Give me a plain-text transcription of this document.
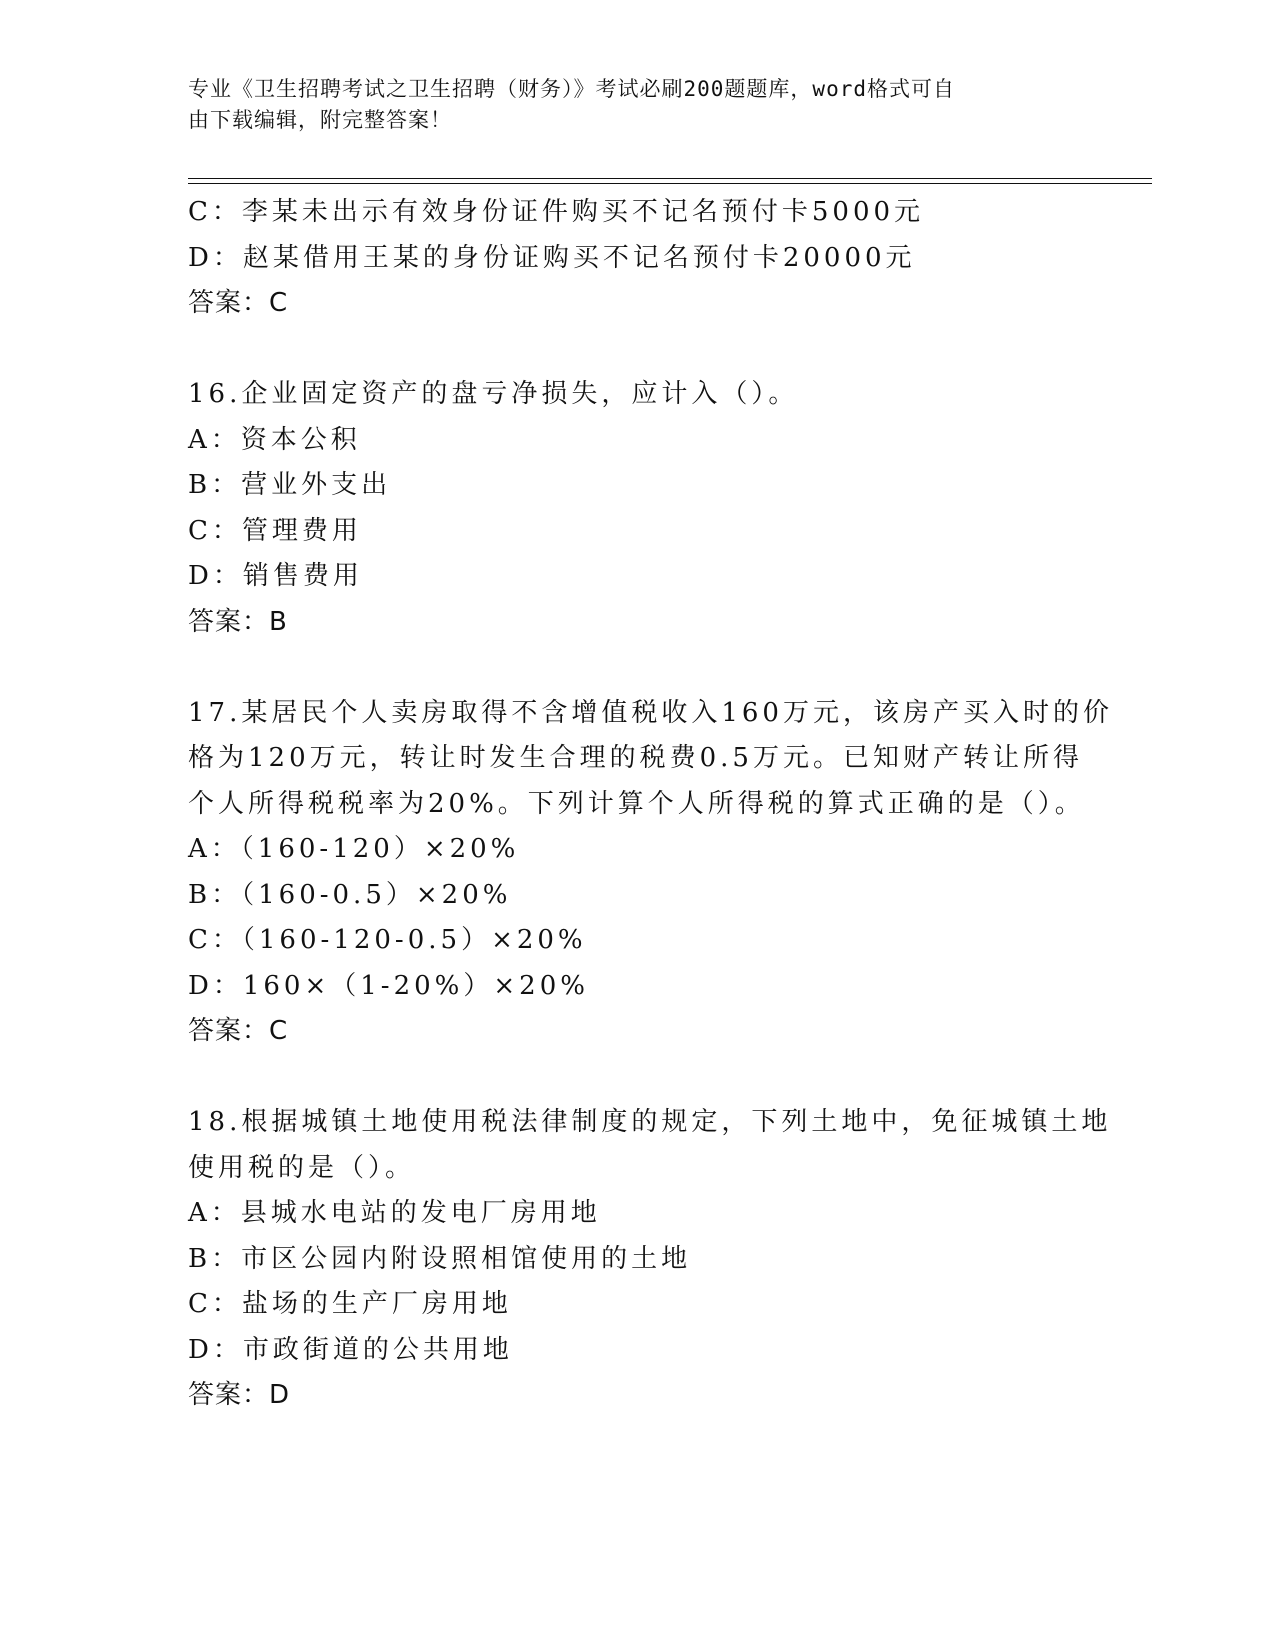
专业《卫生招聘考试之卫生招聘（财务）》考试必刷200题题库，word格式可自
由下载编辑，附完整答案！
C：李某未出示有效身份证件购买不记名预付卡5000元
D：赵某借用王某的身份证购买不记名预付卡20000元
答案：C
16.企业固定资产的盘亏净损失，应计入（）。
A：资本公积
B：营业外支出
C：管理费用
D：销售费用
答案：B
17.某居民个人卖房取得不含增值税收入160万元，该房产买入时的价
格为120万元，转让时发生合理的税费0.5万元。已知财产转让所得
个人所得税税率为20%。下列计算个人所得税的算式正确的是（）。
A：（160-120）×20%
B：（160-0.5）×20%
C：（160-120-0.5）×20%
D：160×（1-20%）×20%
答案：C
18.根据城镇土地使用税法律制度的规定，下列土地中，免征城镇土地
使用税的是（）。
A：县城水电站的发电厂房用地
B：市区公园内附设照相馆使用的土地
C：盐场的生产厂房用地
D：市政街道的公共用地
答案：D
